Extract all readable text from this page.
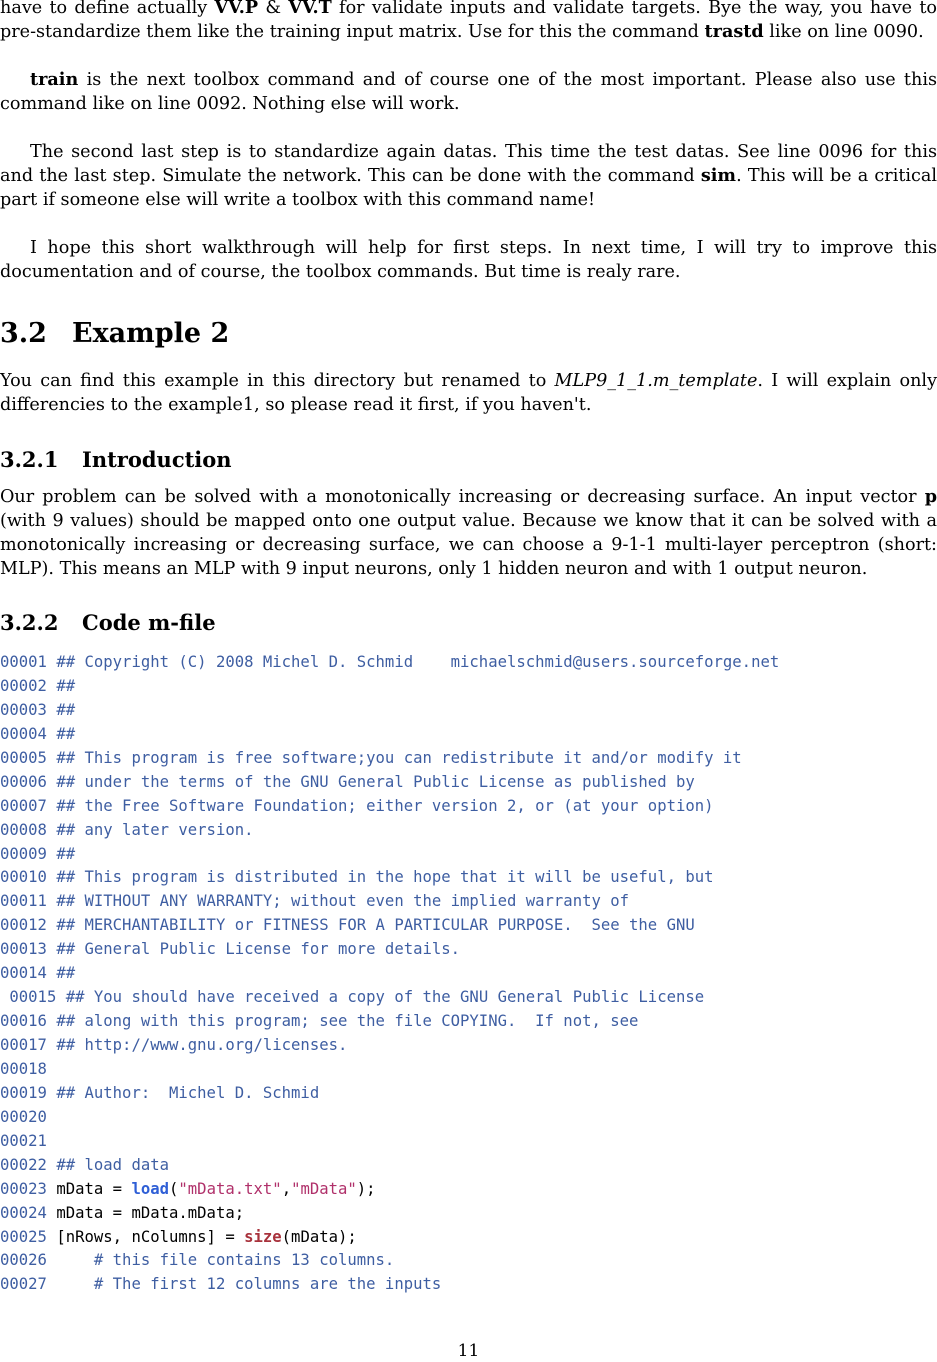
have to define actually VV.P & VV.T for validate inputs and validate targets. Bye the way, you have to pre-standardize them like the training input matrix. Use for this the command trastd like on line 0090.

train is the next toolbox command and of course one of the most important. Please also use this command like on line 0092. Nothing else will work.

The second last step is to standardize again datas. This time the test datas. See line 0096 for this and the last step. Simulate the network. This can be done with the command sim. This will be a critical part if someone else will write a toolbox with this command name!

I hope this short walkthrough will help for first steps. In next time, I will try to improve this documentation and of course, the toolbox commands. But time is realy rare.

3.2 Example 2

You can find this example in this directory but renamed to MLP9_1_1.m_template. I will explain only differencies to the example1, so please read it first, if you haven't.

3.2.1 Introduction

Our problem can be solved with a monotonically increasing or decreasing surface. An input vector p (with 9 values) should be mapped onto one output value. Because we know that it can be solved with a monotonically increasing or decreasing surface, we can choose a 9-1-1 multi-layer perceptron (short: MLP). This means an MLP with 9 input neurons, only 1 hidden neuron and with 1 output neuron.

3.2.2 Code m-file
00001 ## Copyright (C) 2008 Michel D. Schmid    michaelschmid@users.sourceforge.net
00002 ##
00003 ##
00004 ##
00005 ## This program is free software;you can redistribute it and/or modify it
00006 ## under the terms of the GNU General Public License as published by
00007 ## the Free Software Foundation; either version 2, or (at your option)
00008 ## any later version.
00009 ##
00010 ## This program is distributed in the hope that it will be useful, but
00011 ## WITHOUT ANY WARRANTY; without even the implied warranty of
00012 ## MERCHANTABILITY or FITNESS FOR A PARTICULAR PURPOSE.  See the GNU
00013 ## General Public License for more details.
00014 ##
00015 ## You should have received a copy of the GNU General Public License
00016 ## along with this program; see the file COPYING.  If not, see
00017 ## http://www.gnu.org/licenses.
00018
00019 ## Author:  Michel D. Schmid
00020
00021
00022 ## load data
00023 mData = load("mData.txt","mData");
00024 mData = mData.mData;
00025 [nRows, nColumns] = size(mData);
00026     # this file contains 13 columns.
00027     # The first 12 columns are the inputs
11
